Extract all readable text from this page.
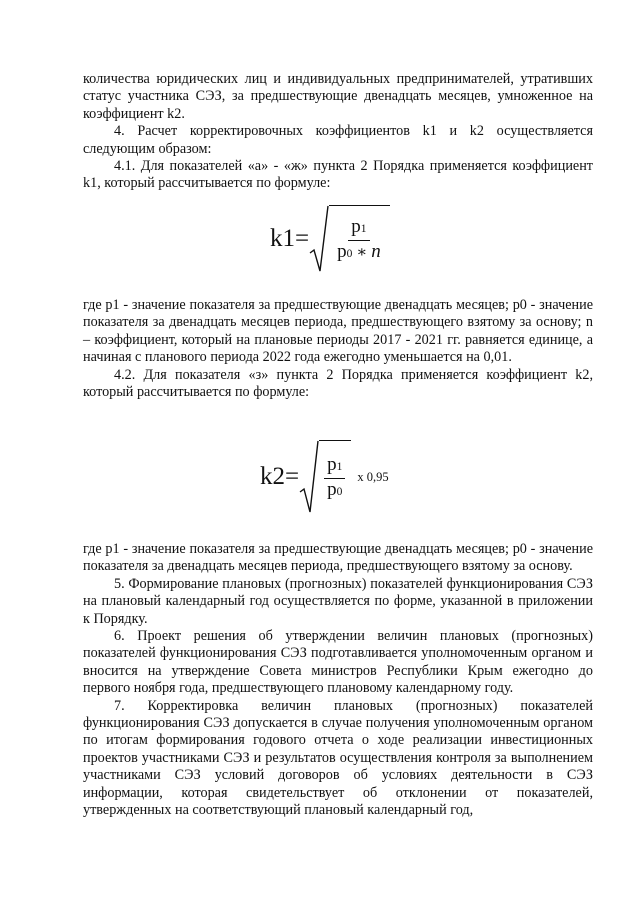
количества юридических лиц и индивидуальных предпринимателей, утративших статус участника СЭЗ, за предшествующие двенадцать месяцев, умноженное на коэффициент k2.

4. Расчет корректировочных коэффициентов k1 и k2 осуществляется следующим образом:

4.1. Для показателей «а» - «ж» пункта 2 Порядка применяется коэффициент k1, который рассчитывается по формуле:

$k1= \frac{p1}{p0 ∗ n}$

где p1 - значение показателя за предшествующие двенадцать месяцев; p0 - значение показателя за двенадцать месяцев периода, предшествующего взятому за основу; n – коэффициент, который на плановые периоды 2017 - 2021 гг. равняется единице, а начиная с планового периода 2022 года ежегодно уменьшается на 0,01.

4.2. Для показателя «з» пункта 2 Порядка применяется коэффициент k2, который рассчитывается по формуле:

$k2= \frac{p1}{p0}$ x 0,95

где p1 - значение показателя за предшествующие двенадцать месяцев; p0 - значение показателя за двенадцать месяцев периода, предшествующего взятому за основу.

5. Формирование плановых (прогнозных) показателей функционирования СЭЗ на плановый календарный год осуществляется по форме, указанной в приложении к Порядку.

6. Проект решения об утверждении величин плановых (прогнозных) показателей функционирования СЭЗ подготавливается уполномоченным органом и вносится на утверждение Совета министров Республики Крым ежегодно до первого ноября года, предшествующего плановому календарному году.

7. Корректировка величин плановых (прогнозных) показателей функционирования СЭЗ допускается в случае получения уполномоченным органом по итогам формирования годового отчета о ходе реализации инвестиционных проектов участниками СЭЗ и результатов осуществления контроля за выполнением участниками СЭЗ условий договоров об условиях деятельности в СЭЗ информации, которая свидетельствует об отклонении от показателей, утвержденных на соответствующий плановый календарный год,
